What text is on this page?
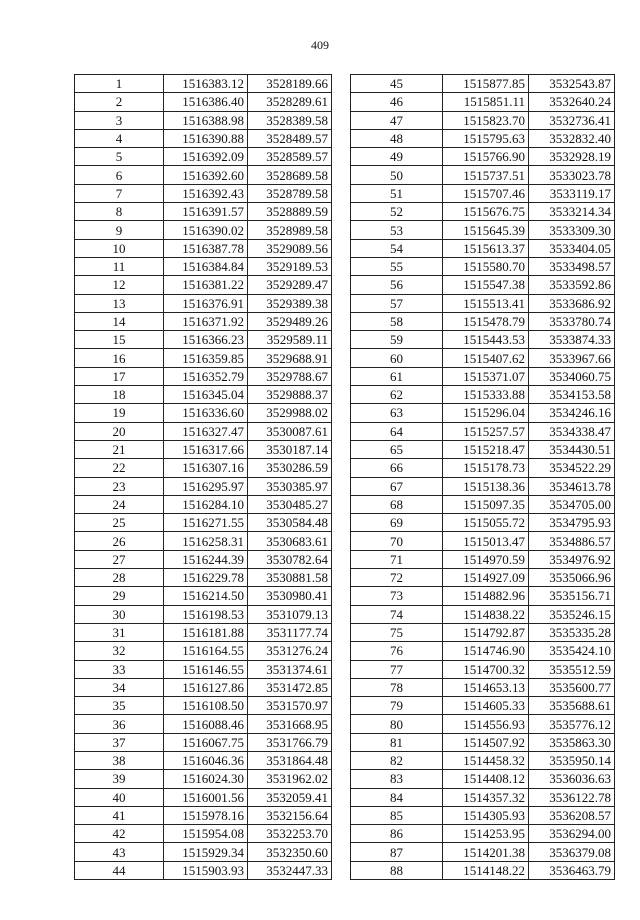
409
1	1516383.12	3528189.66
2	1516386.40	3528289.61
3	1516388.98	3528389.58
4	1516390.88	3528489.57
5	1516392.09	3528589.57
6	1516392.60	3528689.58
7	1516392.43	3528789.58
8	1516391.57	3528889.59
9	1516390.02	3528989.58
10	1516387.78	3529089.56
11	1516384.84	3529189.53
12	1516381.22	3529289.47
13	1516376.91	3529389.38
14	1516371.92	3529489.26
15	1516366.23	3529589.11
16	1516359.85	3529688.91
17	1516352.79	3529788.67
18	1516345.04	3529888.37
19	1516336.60	3529988.02
20	1516327.47	3530087.61
21	1516317.66	3530187.14
22	1516307.16	3530286.59
23	1516295.97	3530385.97
24	1516284.10	3530485.27
25	1516271.55	3530584.48
26	1516258.31	3530683.61
27	1516244.39	3530782.64
28	1516229.78	3530881.58
29	1516214.50	3530980.41
30	1516198.53	3531079.13
31	1516181.88	3531177.74
32	1516164.55	3531276.24
33	1516146.55	3531374.61
34	1516127.86	3531472.85
35	1516108.50	3531570.97
36	1516088.46	3531668.95
37	1516067.75	3531766.79
38	1516046.36	3531864.48
39	1516024.30	3531962.02
40	1516001.56	3532059.41
41	1515978.16	3532156.64
42	1515954.08	3532253.70
43	1515929.34	3532350.60
44	1515903.93	3532447.33
45	1515877.85	3532543.87
46	1515851.11	3532640.24
47	1515823.70	3532736.41
48	1515795.63	3532832.40
49	1515766.90	3532928.19
50	1515737.51	3533023.78
51	1515707.46	3533119.17
52	1515676.75	3533214.34
53	1515645.39	3533309.30
54	1515613.37	3533404.05
55	1515580.70	3533498.57
56	1515547.38	3533592.86
57	1515513.41	3533686.92
58	1515478.79	3533780.74
59	1515443.53	3533874.33
60	1515407.62	3533967.66
61	1515371.07	3534060.75
62	1515333.88	3534153.58
63	1515296.04	3534246.16
64	1515257.57	3534338.47
65	1515218.47	3534430.51
66	1515178.73	3534522.29
67	1515138.36	3534613.78
68	1515097.35	3534705.00
69	1515055.72	3534795.93
70	1515013.47	3534886.57
71	1514970.59	3534976.92
72	1514927.09	3535066.96
73	1514882.96	3535156.71
74	1514838.22	3535246.15
75	1514792.87	3535335.28
76	1514746.90	3535424.10
77	1514700.32	3535512.59
78	1514653.13	3535600.77
79	1514605.33	3535688.61
80	1514556.93	3535776.12
81	1514507.92	3535863.30
82	1514458.32	3535950.14
83	1514408.12	3536036.63
84	1514357.32	3536122.78
85	1514305.93	3536208.57
86	1514253.95	3536294.00
87	1514201.38	3536379.08
88	1514148.22	3536463.79
